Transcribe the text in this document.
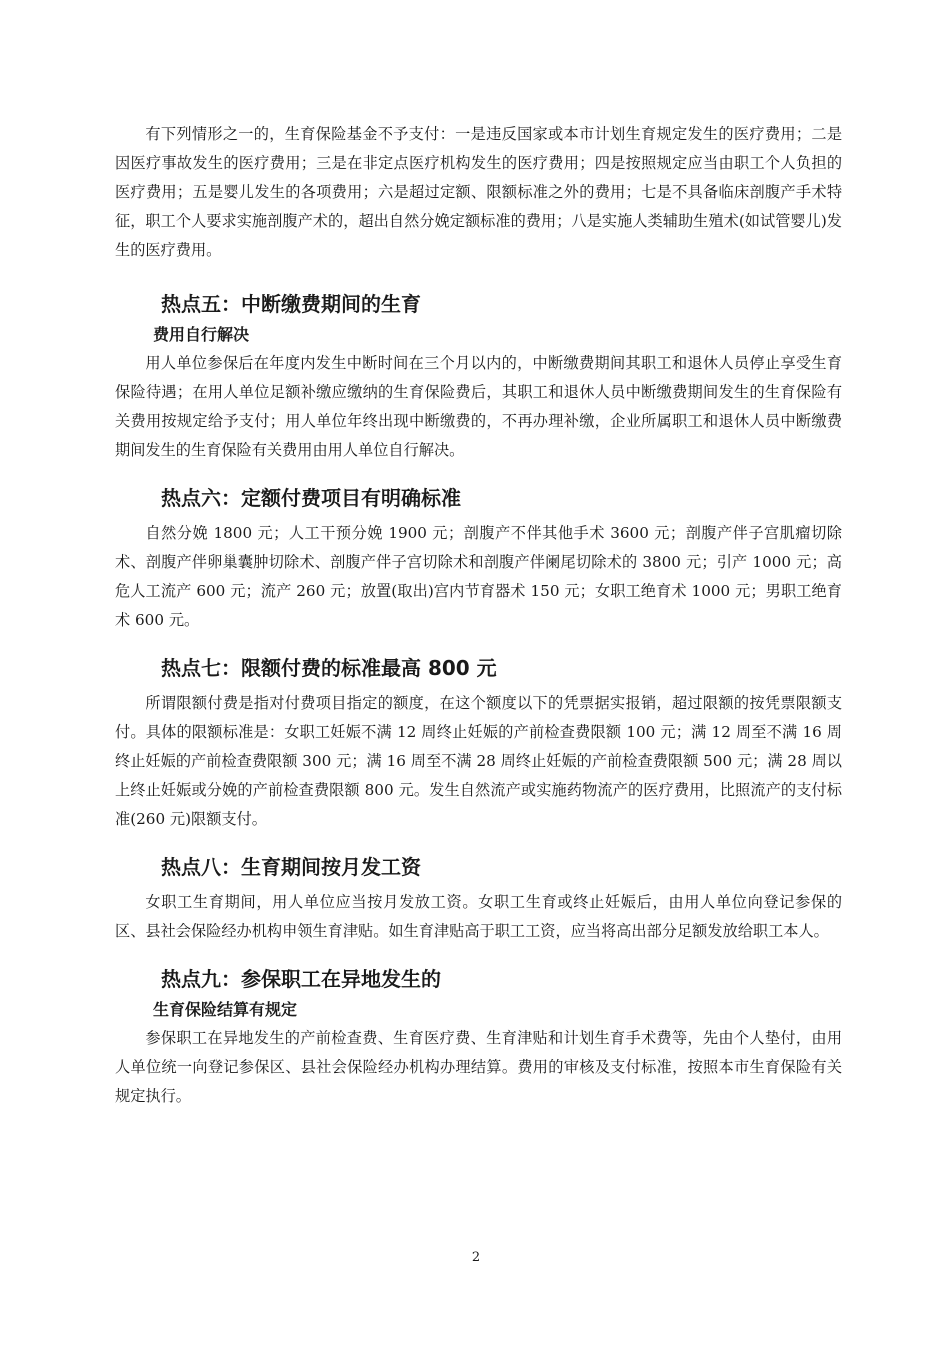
有下列情形之一的，生育保险基金不予支付：一是违反国家或本市计划生育规定发生的医疗费用；二是因医疗事故发生的医疗费用；三是在非定点医疗机构发生的医疗费用；四是按照规定应当由职工个人负担的医疗费用；五是婴儿发生的各项费用；六是超过定额、限额标准之外的费用；七是不具备临床剖腹产手术特征，职工个人要求实施剖腹产术的，超出自然分娩定额标准的费用；八是实施人类辅助生殖术(如试管婴儿)发生的医疗费用。

热点五：中断缴费期间的生育
费用自行解决

用人单位参保后在年度内发生中断时间在三个月以内的，中断缴费期间其职工和退休人员停止享受生育保险待遇；在用人单位足额补缴应缴纳的生育保险费后，其职工和退休人员中断缴费期间发生的生育保险有关费用按规定给予支付；用人单位年终出现中断缴费的，不再办理补缴，企业所属职工和退休人员中断缴费期间发生的生育保险有关费用由用人单位自行解决。

热点六：定额付费项目有明确标准

自然分娩 1800 元；人工干预分娩 1900 元；剖腹产不伴其他手术 3600 元；剖腹产伴子宫肌瘤切除术、剖腹产伴卵巢囊肿切除术、剖腹产伴子宫切除术和剖腹产伴阑尾切除术的 3800 元；引产 1000 元；高危人工流产 600 元；流产 260 元；放置(取出)宫内节育器术 150 元；女职工绝育术 1000 元；男职工绝育术 600 元。

热点七：限额付费的标准最高 800 元

所谓限额付费是指对付费项目指定的额度，在这个额度以下的凭票据实报销，超过限额的按凭票限额支付。具体的限额标准是：女职工妊娠不满 12 周终止妊娠的产前检查费限额 100 元；满 12 周至不满 16 周终止妊娠的产前检查费限额 300 元；满 16 周至不满 28 周终止妊娠的产前检查费限额 500 元；满 28 周以上终止妊娠或分娩的产前检查费限额 800 元。发生自然流产或实施药物流产的医疗费用，比照流产的支付标准(260 元)限额支付。

热点八：生育期间按月发工资

女职工生育期间，用人单位应当按月发放工资。女职工生育或终止妊娠后，由用人单位向登记参保的区、县社会保险经办机构申领生育津贴。如生育津贴高于职工工资，应当将高出部分足额发放给职工本人。

热点九：参保职工在异地发生的
生育保险结算有规定

参保职工在异地发生的产前检查费、生育医疗费、生育津贴和计划生育手术费等，先由个人垫付，由用人单位统一向登记参保区、县社会保险经办机构办理结算。费用的审核及支付标准，按照本市生育保险有关规定执行。

2
